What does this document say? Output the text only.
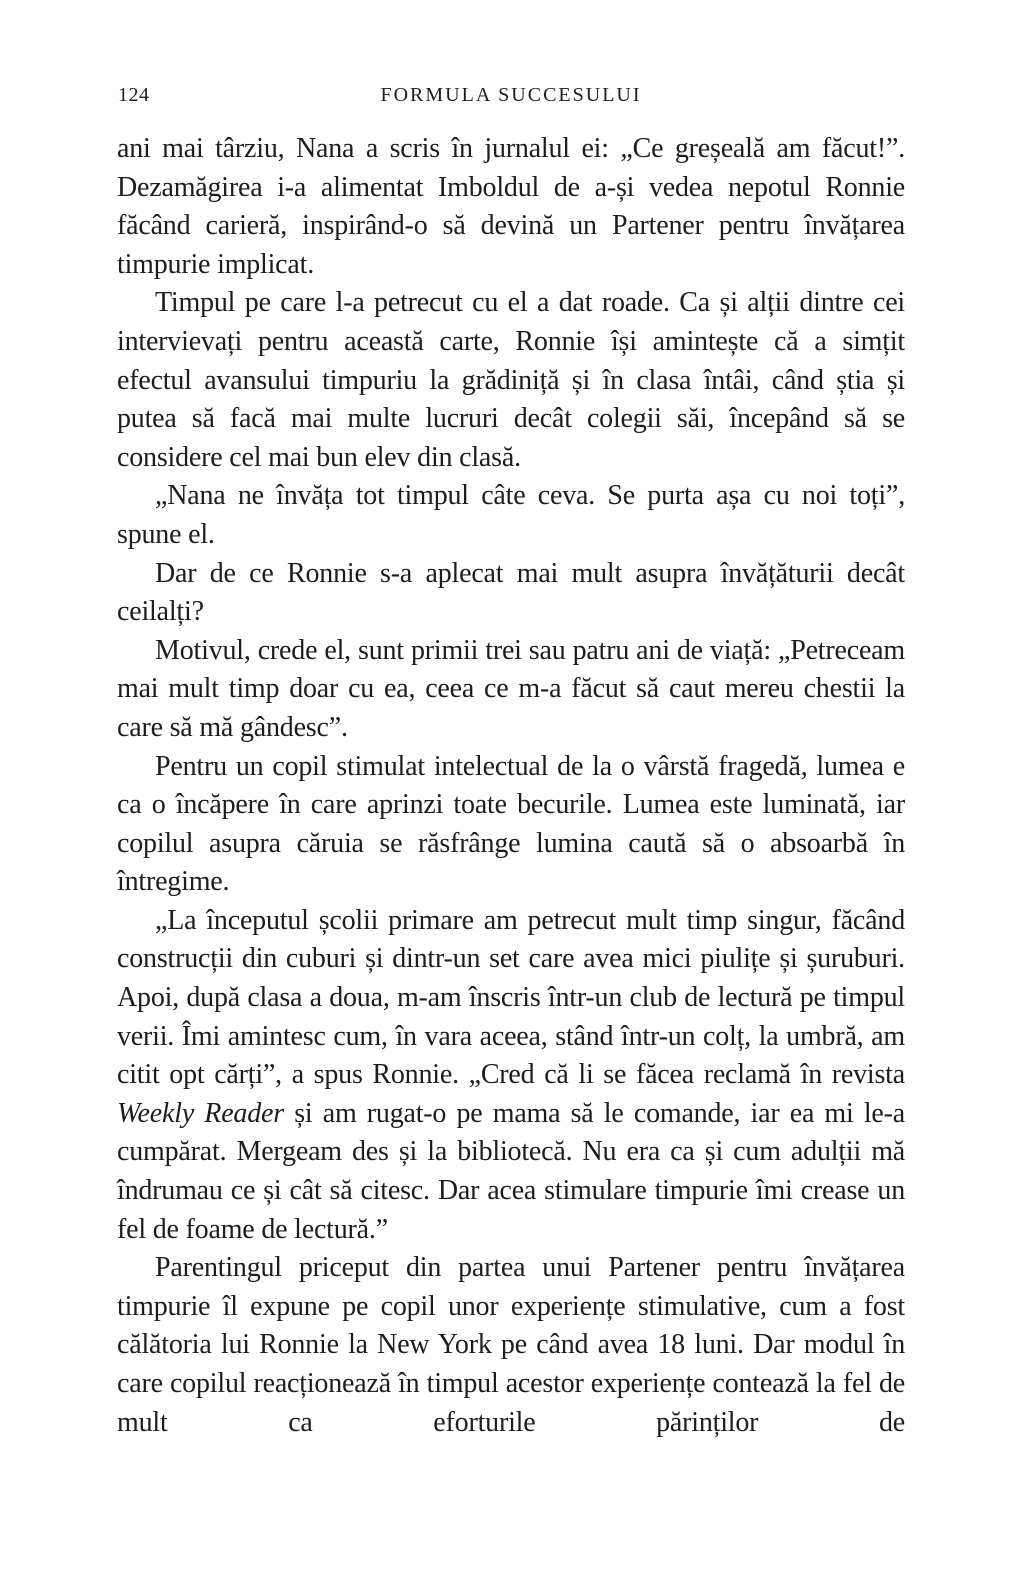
124	FORMULA SUCCESULUI

ani mai târziu, Nana a scris în jurnalul ei: „Ce greșeală am făcut!”. Dezamăgirea i-a alimentat Imboldul de a-și vedea nepotul Ronnie făcând carieră, inspirând-o să devină un Partener pentru învățarea timpurie implicat.

Timpul pe care l-a petrecut cu el a dat roade. Ca și alții dintre cei intervievați pentru această carte, Ronnie își amintește că a simțit efectul avansului timpuriu la grădiniță și în clasa întâi, când știa și putea să facă mai multe lucruri decât colegii săi, începând să se considere cel mai bun elev din clasă.

„Nana ne învăța tot timpul câte ceva. Se purta așa cu noi toți”, spune el.

Dar de ce Ronnie s-a aplecat mai mult asupra învățăturii decât ceilalți?

Motivul, crede el, sunt primii trei sau patru ani de viață: „Petreceam mai mult timp doar cu ea, ceea ce m-a făcut să caut mereu chestii la care să mă gândesc”.

Pentru un copil stimulat intelectual de la o vârstă fragedă, lumea e ca o încăpere în care aprinzi toate becurile. Lumea este luminată, iar copilul asupra căruia se răsfrânge lumina caută să o absoarbă în întregime.

„La începutul școlii primare am petrecut mult timp singur, făcând construcții din cuburi și dintr-un set care avea mici piulițe și șuruburi. Apoi, după clasa a doua, m-am înscris într-un club de lectură pe timpul verii. Îmi amintesc cum, în vara aceea, stând într-un colț, la umbră, am citit opt cărți”, a spus Ronnie. „Cred că li se făcea reclamă în revista Weekly Reader și am rugat-o pe mama să le comande, iar ea mi le-a cumpărat. Mergeam des și la bibliotecă. Nu era ca și cum adulții mă îndrumau ce și cât să citesc. Dar acea stimulare timpurie îmi crease un fel de foame de lectură.”

Parentingul priceput din partea unui Partener pentru învățarea timpurie îl expune pe copil unor experiențe stimulative, cum a fost călătoria lui Ronnie la New York pe când avea 18 luni. Dar modul în care copilul reacționează în timpul acestor experiențe contează la fel de mult ca eforturile părinților de
